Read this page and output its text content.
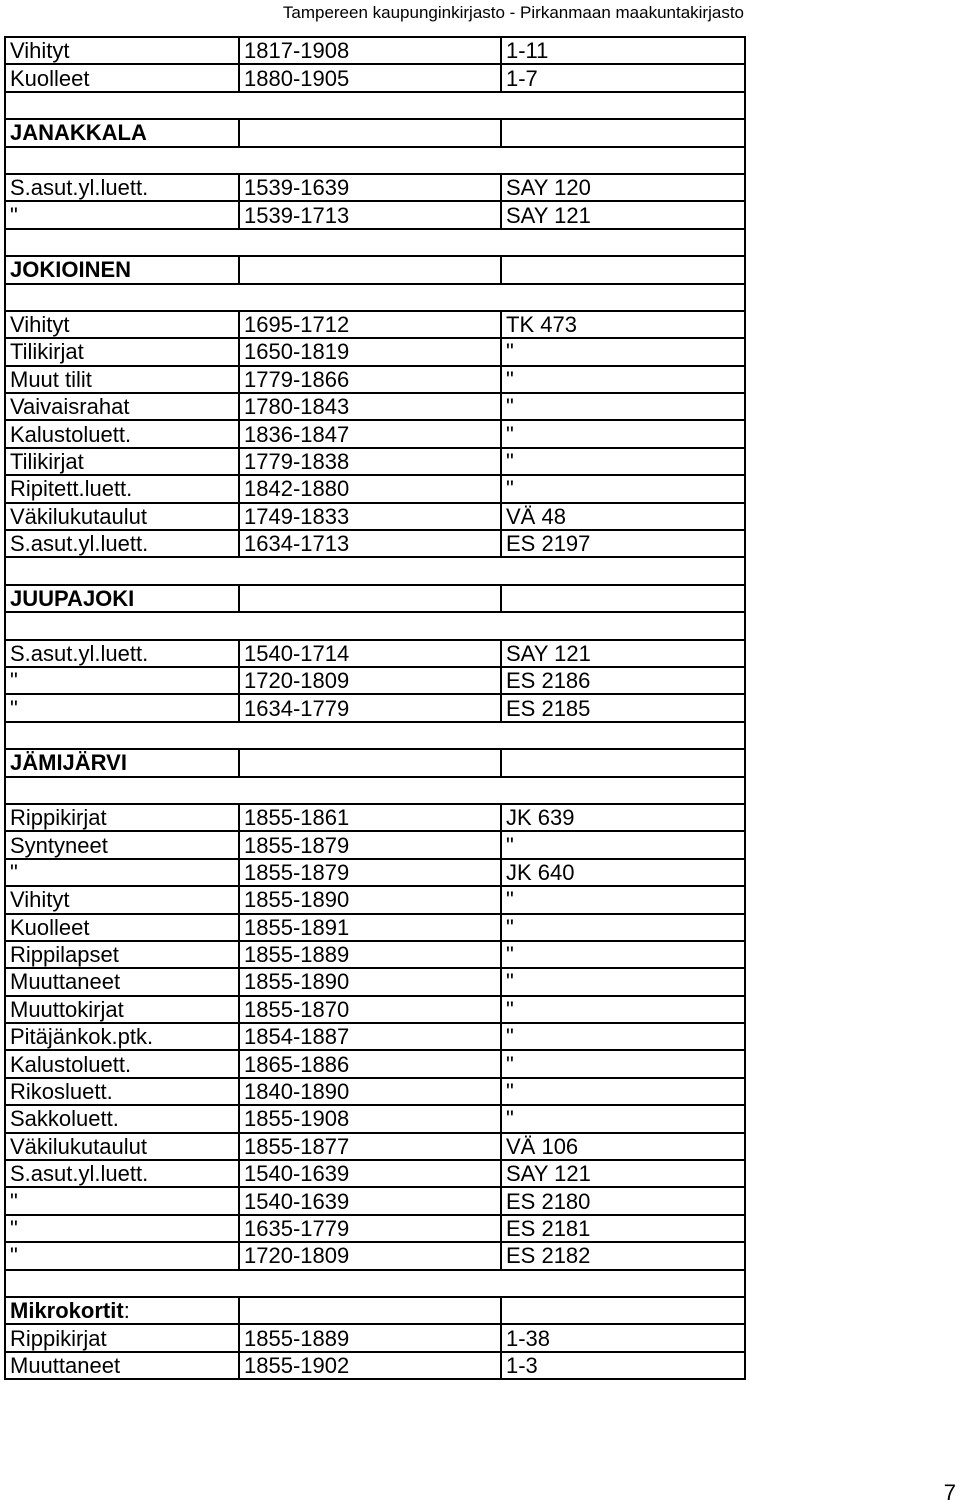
Tampereen kaupunginkirjasto - Pirkanmaan maakuntakirjasto
Vihityt	1817-1908	1-11
Kuolleet	1880-1905	1-7

JANAKKALA		

S.asut.yl.luett.	1539-1639	SAY 120
"	1539-1713	SAY 121

JOKIOINEN		

Vihityt	1695-1712	TK 473
Tilikirjat	1650-1819	"
Muut tilit	1779-1866	"
Vaivaisrahat	1780-1843	"
Kalustoluett.	1836-1847	"
Tilikirjat	1779-1838	"
Ripitett.luett.	1842-1880	"
Väkilukutaulut	1749-1833	VÄ 48
S.asut.yl.luett.	1634-1713	ES 2197

JUUPAJOKI		

S.asut.yl.luett.	1540-1714	SAY 121
"	1720-1809	ES 2186
"	1634-1779	ES 2185

JÄMIJÄRVI		

Rippikirjat	1855-1861	JK 639
Syntyneet	1855-1879	"
"	1855-1879	JK 640
Vihityt	1855-1890	"
Kuolleet	1855-1891	"
Rippilapset	1855-1889	"
Muuttaneet	1855-1890	"
Muuttokirjat	1855-1870	"
Pitäjänkok.ptk.	1854-1887	"
Kalustoluett.	1865-1886	"
Rikosluett.	1840-1890	"
Sakkoluett.	1855-1908	"
Väkilukutaulut	1855-1877	VÄ 106
S.asut.yl.luett.	1540-1639	SAY 121
"	1540-1639	ES 2180
"	1635-1779	ES 2181
"	1720-1809	ES 2182

Mikrokortit:		
Rippikirjat	1855-1889	1-38
Muuttaneet	1855-1902	1-3
7
